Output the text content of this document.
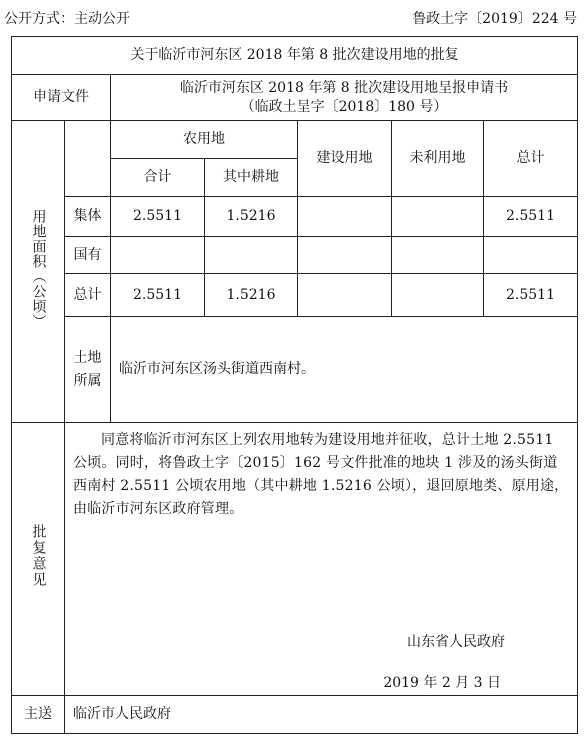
公开方式：主动公开	鲁政土字〔2019〕224 号
关于临沂市河东区 2018 年第 8 批次建设用地的批复						
申请文件		临沂市河东区 2018 年第 8 批次建设用地呈报申请书
（临政土呈字〔2018〕180 号）				

用地面积（公顷）		农用地		建设用地	未利用地	总计
		合计	其中耕地			
	集体	2.5511	1.5216			2.5511
	国有					
	总计	2.5511	1.5216			2.5511

	土地
所属	临沂市河东区汤头街道西南村。				
批复意见	同意将临沂市河东区上列农用地转为建设用地并征收，总计土地 2.5511 公顷。同时，将鲁政土字〔2015〕162 号文件批准的地块 1 涉及的汤头街道西南村 2.5511 公顷农用地（其中耕地 1.5216 公顷），退回原地类、原用途，由临沂市河东区政府管理。
山东省人民政府
2019 年 2 月 3 日					

主送	临沂市人民政府					
